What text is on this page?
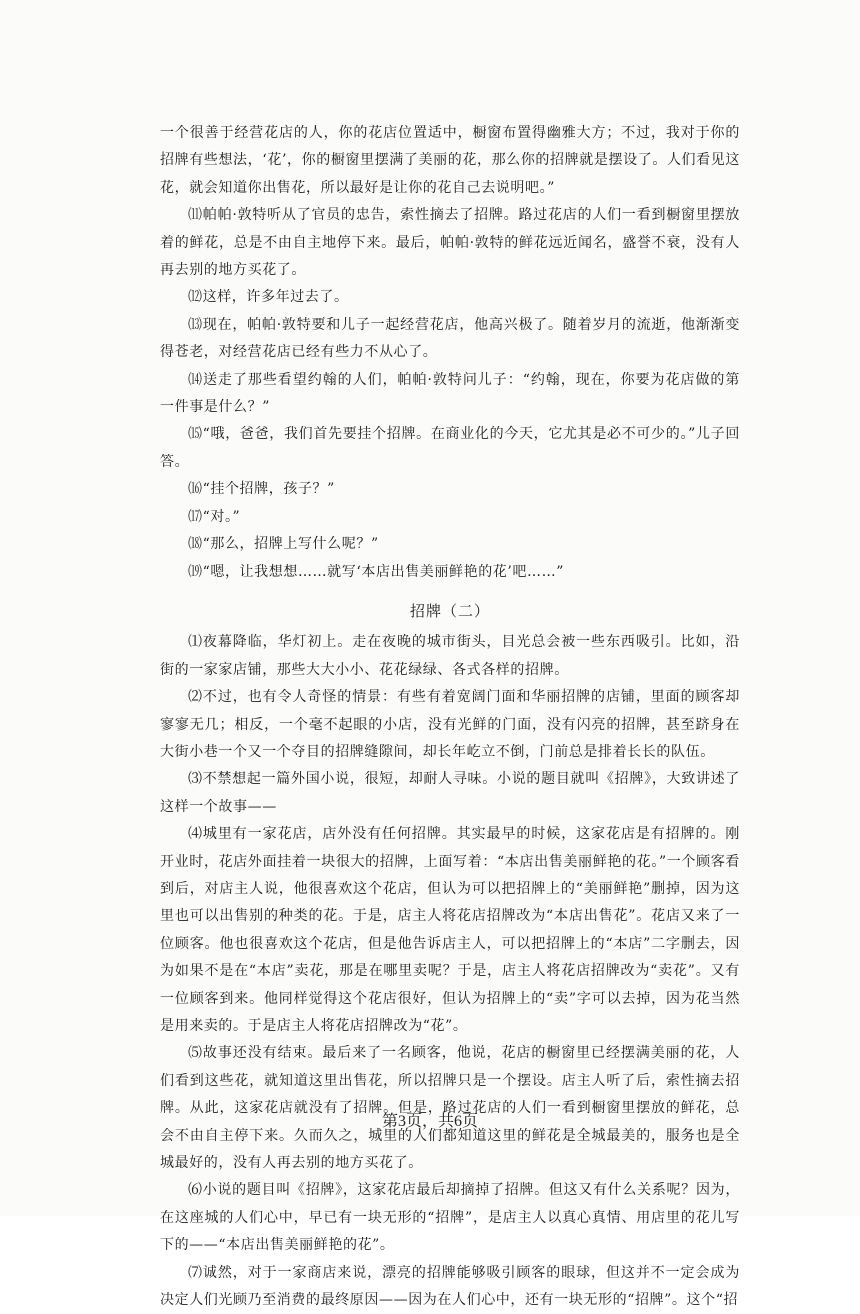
一个很善于经营花店的人，你的花店位置适中，橱窗布置得幽雅大方；不过，我对于你的招牌有些想法，‘花’，你的橱窗里摆满了美丽的花，那么你的招牌就是摆设了。人们看见这花，就会知道你出售花，所以最好是让你的花自己去说明吧。”

⑾帕帕·敦特听从了官员的忠告，索性摘去了招牌。路过花店的人们一看到橱窗里摆放着的鲜花，总是不由自主地停下来。最后，帕帕·敦特的鲜花远近闻名，盛誉不衰，没有人再去别的地方买花了。

⑿这样，许多年过去了。

⒀现在，帕帕·敦特要和儿子一起经营花店，他高兴极了。随着岁月的流逝，他渐渐变得苍老，对经营花店已经有些力不从心了。

⒁送走了那些看望约翰的人们，帕帕·敦特问儿子：“约翰，现在，你要为花店做的第一件事是什么？”

⒂“哦，爸爸，我们首先要挂个招牌。在商业化的今天，它尤其是必不可少的。”儿子回答。

⒃“挂个招牌，孩子？”

⒄“对。”

⒅“那么，招牌上写什么呢？”

⒆“嗯，让我想想……就写‘本店出售美丽鲜艳的花’吧……”

招牌（二）

⑴夜幕降临，华灯初上。走在夜晚的城市街头，目光总会被一些东西吸引。比如，沿街的一家家店铺，那些大大小小、花花绿绿、各式各样的招牌。

⑵不过，也有令人奇怪的情景：有些有着宽阔门面和华丽招牌的店铺，里面的顾客却寥寥无几；相反，一个毫不起眼的小店，没有光鲜的门面，没有闪亮的招牌，甚至跻身在大街小巷一个又一个夺目的招牌缝隙间，却长年屹立不倒，门前总是排着长长的队伍。

⑶不禁想起一篇外国小说，很短，却耐人寻味。小说的题目就叫《招牌》，大致讲述了这样一个故事——

⑷城里有一家花店，店外没有任何招牌。其实最早的时候，这家花店是有招牌的。刚开业时，花店外面挂着一块很大的招牌，上面写着：“本店出售美丽鲜艳的花。”一个顾客看到后，对店主人说，他很喜欢这个花店，但认为可以把招牌上的“美丽鲜艳”删掉，因为这里也可以出售别的种类的花。于是，店主人将花店招牌改为“本店出售花”。花店又来了一位顾客。他也很喜欢这个花店，但是他告诉店主人，可以把招牌上的“本店”二字删去，因为如果不是在“本店”卖花，那是在哪里卖呢？于是，店主人将花店招牌改为“卖花”。又有一位顾客到来。他同样觉得这个花店很好，但认为招牌上的“卖”字可以去掉，因为花当然是用来卖的。于是店主人将花店招牌改为“花”。

⑸故事还没有结束。最后来了一名顾客，他说，花店的橱窗里已经摆满美丽的花，人们看到这些花，就知道这里出售花，所以招牌只是一个摆设。店主人听了后，索性摘去招牌。从此，这家花店就没有了招牌。但是，路过花店的人们一看到橱窗里摆放的鲜花，总会不由自主停下来。久而久之，城里的人们都知道这里的鲜花是全城最美的，服务也是全城最好的，没有人再去别的地方买花了。

⑹小说的题目叫《招牌》，这家花店最后却摘掉了招牌。但这又有什么关系呢？因为，在这座城的人们心中，早已有一块无形的“招牌”，是店主人以真心真情、用店里的花儿写下的——“本店出售美丽鲜艳的花”。

⑺诚然，对于一家商店来说，漂亮的招牌能够吸引顾客的眼球，但这并不一定会成为决定人们光顾乃至消费的最终原因——因为在人们心中，还有一块无形的“招牌”。这个“招

第3页，共6页
